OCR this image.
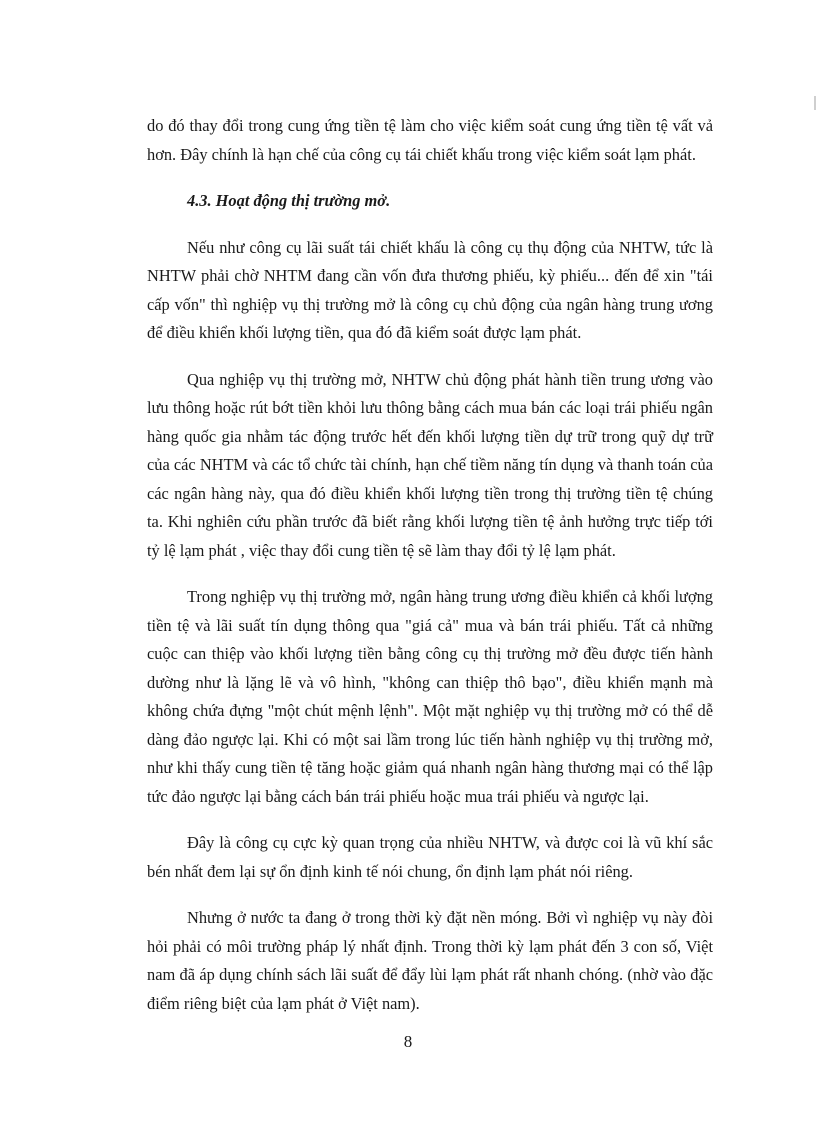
do đó thay đổi trong cung ứng tiền tệ làm cho việc kiểm soát cung ứng tiền tệ vất vả hơn. Đây chính là hạn chế của công cụ tái chiết khấu trong việc kiểm soát lạm phát.

4.3. Hoạt động thị trường mở.

Nếu như công cụ lãi suất tái chiết khấu là công cụ thụ động của NHTW, tức là NHTW phải chờ NHTM đang cần vốn đưa thương phiếu, kỳ phiếu... đến để xin "tái cấp vốn" thì nghiệp vụ thị trường mở là công cụ chủ động của ngân hàng trung ương để điều khiển khối lượng tiền, qua đó đã kiểm soát được lạm phát.

Qua nghiệp vụ thị trường mở, NHTW chủ động phát hành tiền trung ương vào lưu thông hoặc rút bớt tiền khỏi lưu thông bằng cách mua bán các loại trái phiếu ngân hàng quốc gia nhằm tác động trước hết đến khối lượng tiền dự trữ trong quỹ dự trữ của các NHTM và các tổ chức tài chính, hạn chế tiềm năng tín dụng và thanh toán của các ngân hàng này, qua đó điều khiển khối lượng tiền trong thị trường tiền tệ chúng ta. Khi nghiên cứu phần trước đã biết rằng khối lượng tiền tệ ảnh hưởng trực tiếp tới tỷ lệ lạm phát , việc thay đổi cung tiền tệ sẽ làm thay đổi tỷ lệ lạm phát.

Trong nghiệp vụ thị trường mở, ngân hàng trung ương điều khiển cả khối lượng tiền tệ và lãi suất tín dụng thông qua "giá cả" mua và bán trái phiếu. Tất cả những cuộc can thiệp vào khối lượng tiền bằng công cụ thị trường mở đều được tiến hành dường như là lặng lẽ và vô hình, "không can thiệp thô bạo", điều khiển mạnh mà không chứa đựng "một chút mệnh lệnh". Một mặt nghiệp vụ thị trường mở có thể dễ dàng đảo ngược lại. Khi có một sai lầm trong lúc tiến hành nghiệp vụ thị trường mở, như khi thấy cung tiền tệ tăng hoặc giảm quá nhanh ngân hàng thương mại có thể lập tức đảo ngược lại bằng cách bán trái phiếu hoặc mua trái phiếu và ngược lại.

Đây là công cụ cực kỳ quan trọng của nhiều NHTW, và được coi là vũ khí sắc bén nhất đem lại sự ổn định kinh tế nói chung, ổn định lạm phát nói riêng.

Nhưng ở nước ta đang ở trong thời kỳ đặt nền móng. Bởi vì nghiệp vụ này đòi hỏi phải có môi trường pháp lý nhất định. Trong thời kỳ lạm phát đến 3 con số, Việt nam đã áp dụng chính sách lãi suất để đẩy lùi lạm phát rất nhanh chóng. (nhờ vào đặc điểm riêng biệt của lạm phát ở Việt nam).

8
